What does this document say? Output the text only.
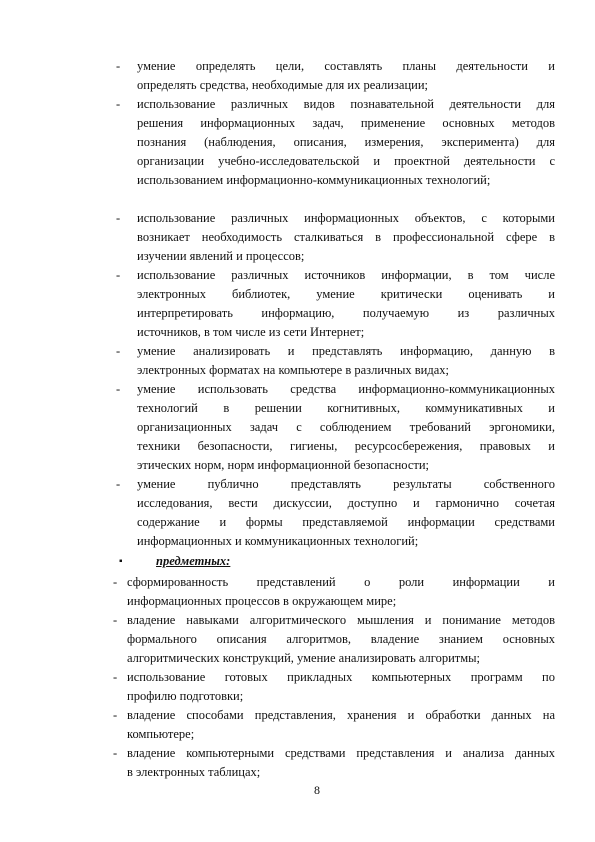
- умение определять цели, составлять планы деятельности и
определять средства, необходимые для их реализации;
- использование различных видов познавательной деятельности для
решения информационных задач, применение основных методов
познания (наблюдения, описания, измерения, эксперимента) для
организации учебно-исследовательской и проектной деятельности с
использованием информационно-коммуникационных технологий;
- использование различных информационных объектов, с которыми
возникает необходимость сталкиваться в профессиональной сфере в
изучении явлений и процессов;
- использование различных источников информации, в том числе
электронных библиотек, умение критически оценивать и
интерпретировать информацию, получаемую из различных
источников, в том числе из сети Интернет;
- умение анализировать и представлять информацию, данную в
электронных форматах на компьютере в различных видах;
- умение использовать средства информационно-коммуникационных
технологий в решении когнитивных, коммуникативных и
организационных задач с соблюдением требований эргономики,
техники безопасности, гигиены, ресурсосбережения, правовых и
этических норм, норм информационной безопасности;
- умение публично представлять результаты собственного
исследования, вести дискуссии, доступно и гармонично сочетая
содержание и формы представляемой информации средствами
информационных и коммуникационных технологий;
▪	предметных:
- сформированность представлений о роли информации и
информационных процессов в окружающем мире;
- владение навыками алгоритмического мышления и понимание методов
формального описания алгоритмов, владение знанием основных
алгоритмических конструкций, умение анализировать алгоритмы;
- использование готовых прикладных компьютерных программ по
профилю подготовки;
- владение способами представления, хранения и обработки данных на
компьютере;
- владение компьютерными средствами представления и анализа данных
в электронных таблицах;
8
